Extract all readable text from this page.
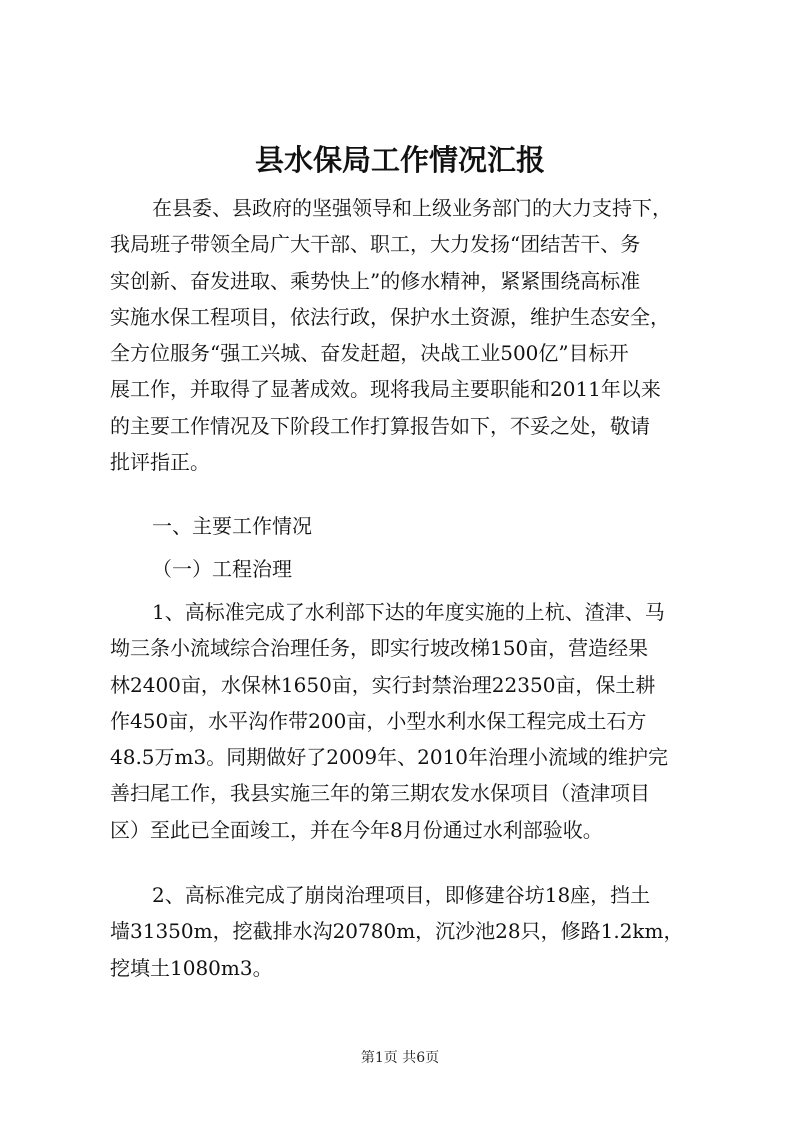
县水保局工作情况汇报
在县委、县政府的坚强领导和上级业务部门的大力支持下，
我局班子带领全局广大干部、职工，大力发扬“团结苦干、务
实创新、奋发进取、乘势快上”的修水精神，紧紧围绕高标准
实施水保工程项目，依法行政，保护水土资源，维护生态安全，
全方位服务“强工兴城、奋发赶超，决战工业500亿”目标开
展工作，并取得了显著成效。现将我局主要职能和2011年以来
的主要工作情况及下阶段工作打算报告如下，不妥之处，敬请
批评指正。
一、主要工作情况
（一）工程治理
1、高标准完成了水利部下达的年度实施的上杭、渣津、马
坳三条小流域综合治理任务，即实行坡改梯150亩，营造经果
林2400亩，水保林1650亩，实行封禁治理22350亩，保土耕
作450亩，水平沟作带200亩，小型水利水保工程完成土石方
48.5万m3。同期做好了2009年、2010年治理小流域的维护完
善扫尾工作，我县实施三年的第三期农发水保项目（渣津项目
区）至此已全面竣工，并在今年8月份通过水利部验收。
2、高标准完成了崩岗治理项目，即修建谷坊18座，挡土
墙31350m，挖截排水沟20780m，沉沙池28只，修路1.2km，
挖填土1080m3。
第1页 共6页
